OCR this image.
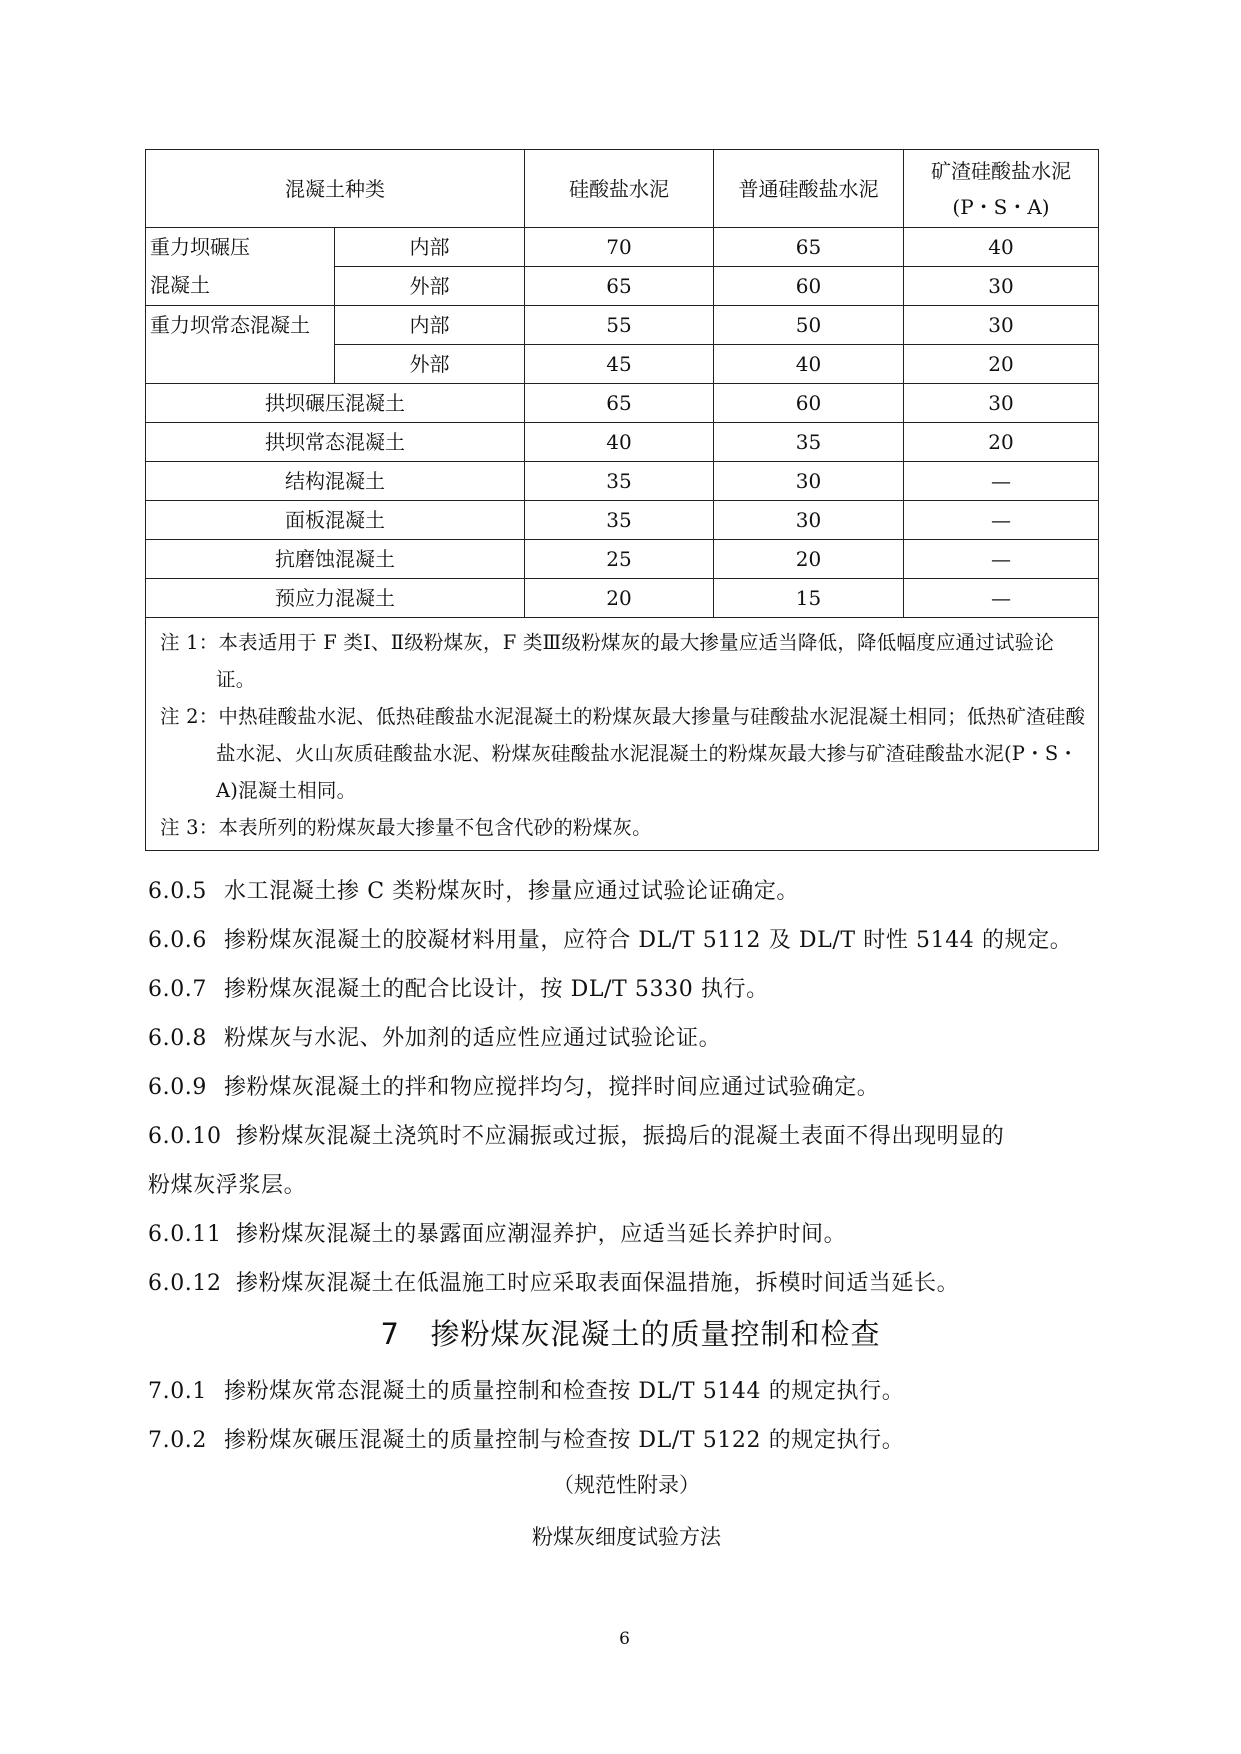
混凝土种类		硅酸盐水泥	普通硅酸盐水泥	矿渣硅酸盐水泥
(P・S・A)

重力坝碾压
混凝土	内部	70	65	40
	外部	65	60	30

重力坝常态混凝土	内部	55	50	30
	外部	45	40	20
拱坝碾压混凝土		65	60	30
拱坝常态混凝土		40	35	20
结构混凝土		35	30	—
面板混凝土		35	30	—
抗磨蚀混凝土		25	20	—
预应力混凝土		20	15	—

注 1：本表适用于 F 类Ⅰ、Ⅱ级粉煤灰，F 类Ⅲ级粉煤灰的最大掺量应适当降低，降低幅度应通过试验论证。
注 2：中热硅酸盐水泥、低热硅酸盐水泥混凝土的粉煤灰最大掺量与硅酸盐水泥混凝土相同；低热矿渣硅酸盐水泥、火山灰质硅酸盐水泥、粉煤灰硅酸盐水泥混凝土的粉煤灰最大掺与矿渣硅酸盐水泥(P・S・A)混凝土相同。
注 3：本表所列的粉煤灰最大掺量不包含代砂的粉煤灰。				
6.0.5 水工混凝土掺 C 类粉煤灰时，掺量应通过试验论证确定。
6.0.6 掺粉煤灰混凝土的胶凝材料用量，应符合 DL/T 5112 及 DL/T 时性 5144 的规定。
6.0.7 掺粉煤灰混凝土的配合比设计，按 DL/T 5330 执行。
6.0.8 粉煤灰与水泥、外加剂的适应性应通过试验论证。
6.0.9 掺粉煤灰混凝土的拌和物应搅拌均匀，搅拌时间应通过试验确定。
6.0.10 掺粉煤灰混凝土浇筑时不应漏振或过振，振捣后的混凝土表面不得出现明显的
粉煤灰浮浆层。
6.0.11 掺粉煤灰混凝土的暴露面应潮湿养护，应适当延长养护时间。
6.0.12 掺粉煤灰混凝土在低温施工时应采取表面保温措施，拆模时间适当延长。
7 掺粉煤灰混凝土的质量控制和检查
7.0.1 掺粉煤灰常态混凝土的质量控制和检查按 DL/T 5144 的规定执行。
7.0.2 掺粉煤灰碾压混凝土的质量控制与检查按 DL/T 5122 的规定执行。
（规范性附录）
粉煤灰细度试验方法
6
